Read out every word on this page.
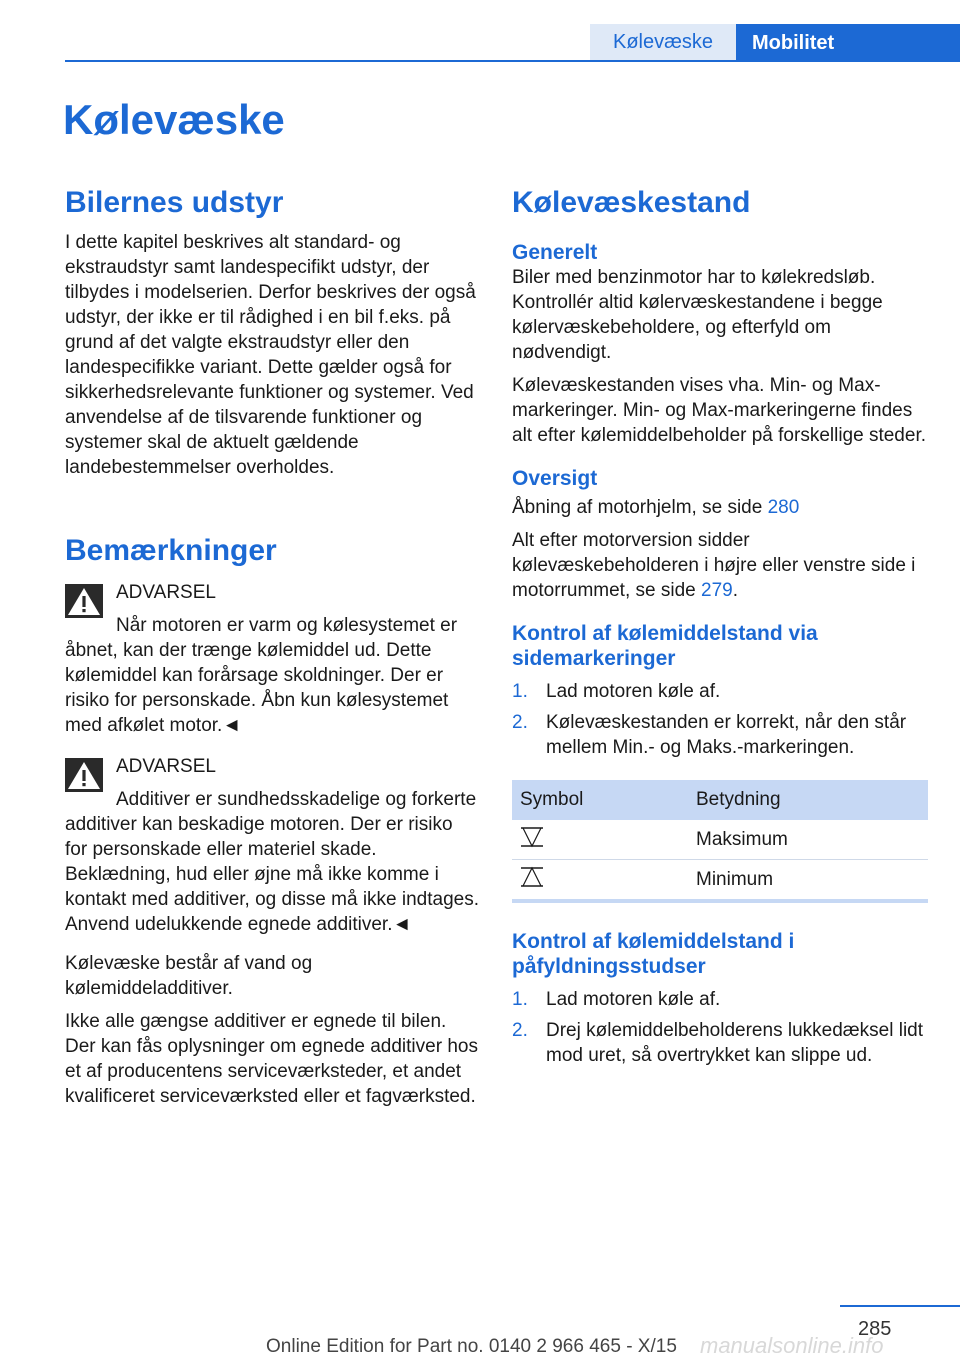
Kølevæske	Mobilitet
Kølevæske
Bilernes udstyr

I dette kapitel beskrives alt standard- og ekstraudstyr samt landespecifikt udstyr, der tilbydes i modelserien. Derfor beskrives der også udstyr, der ikke er til rådighed i en bil f.eks. på grund af det valgte ekstraudstyr eller den landespecifikke variant. Dette gælder også for sikkerhedsrelevante funktioner og systemer. Ved anvendelse af de tilsvarende funktioner og systemer skal de aktuelt gældende landebestemmelser overholdes.

Bemærkninger

ADVARSEL

Når motoren er varm og kølesystemet er åbnet, kan der trænge kølemiddel ud. Dette kølemiddel kan forårsage skoldninger. Der er risiko for personskade. Åbn kun kølesystemet med afkølet motor.◄

ADVARSEL

Additiver er sundhedsskadelige og forkerte additiver kan beskadige motoren. Der er risiko for personskade eller materiel skade. Beklædning, hud eller øjne må ikke komme i kontakt med additiver, og disse må ikke indtages. Anvend udelukkende egnede additiver.◄

Kølevæske består af vand og kølemiddeladditiver.

Ikke alle gængse additiver er egnede til bilen. Der kan fås oplysninger om egnede additiver hos et af producentens serviceværksteder, et andet kvalificeret serviceværksted eller et fagværksted.

Kølevæskestand
Generelt

Biler med benzinmotor har to kølekredsløb. Kontrollér altid kølervæskestandene i begge kølervæskebeholdere, og efterfyld om nødvendigt.

Kølevæskestanden vises vha. Min- og Max-markeringer. Min- og Max-markeringerne findes alt efter kølemiddelbeholder på forskellige steder.

Oversigt

Åbning af motorhjelm, se side 280

Alt efter motorversion sidder kølevæskebeholderen i højre eller venstre side i motorrummet, se side 279.

Kontrol af kølemiddelstand via sidemarkeringer
1. Lad motoren køle af.
2. Kølevæskestanden er korrekt, når den står mellem Min.- og Maks.-markeringen.
Symbol	Betydning
	Maksimum
	Minimum
Kontrol af kølemiddelstand i påfyldningsstudser
1. Lad motoren køle af.
2. Drej kølemiddelbeholderens lukkedæksel lidt mod uret, så overtrykket kan slippe ud.
285
manualsonline.info
Online Edition for Part no. 0140 2 966 465 - X/15
